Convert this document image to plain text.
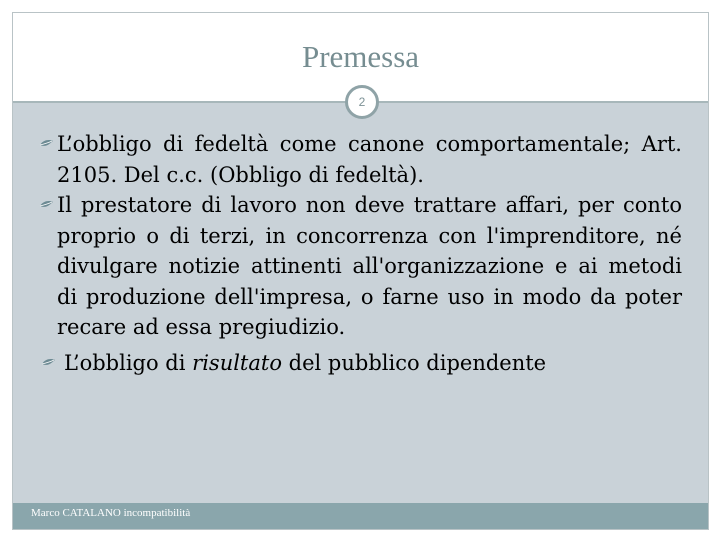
Premessa
2
L’obbligo di fedeltà come canone comportamentale; Art. 2105. Del c.c. (Obbligo di fedeltà).
Il prestatore di lavoro non deve trattare affari, per conto proprio o di terzi, in concorrenza con l'imprenditore, né divulgare notizie attinenti all'organizzazione e ai metodi di produzione dell'impresa, o farne uso in modo da poter recare ad essa pregiudizio.
L’obbligo di risultato del pubblico dipendente
Marco CATALANO incompatibilità
